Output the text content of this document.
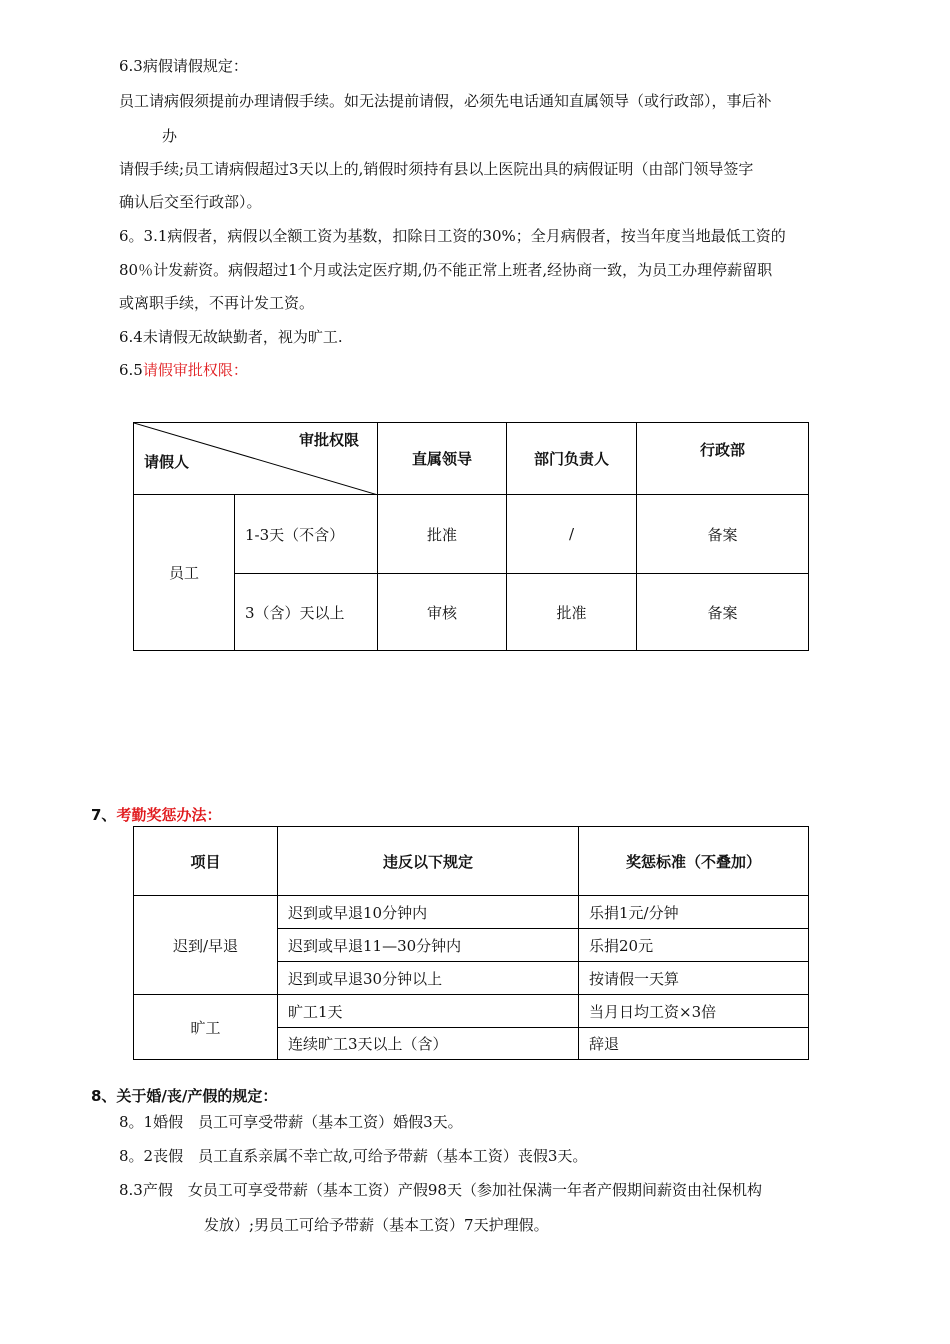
6.3病假请假规定：
员工请病假须提前办理请假手续。如无法提前请假，必须先电话通知直属领导（或行政部），事后补
办
请假手续;员工请病假超过3天以上的,销假时须持有县以上医院出具的病假证明（由部门领导签字
确认后交至行政部）。
6。3.1病假者，病假以全额工资为基数，扣除日工资的30%；全月病假者，按当年度当地最低工资的
80％计发薪资。病假超过1个月或法定医疗期,仍不能正常上班者,经协商一致，为员工办理停薪留职
或离职手续，不再计发工资。
6.4未请假无故缺勤者，视为旷工.
6.5请假审批权限：
审批权限
请假人		直属领导	部门负责人	行政部
员工	1-3天（不含）	批准	/	备案
	3（含）天以上	审核	批准	备案
7、考勤奖惩办法：
项目	违反以下规定	奖惩标准（不叠加）
迟到/早退	迟到或早退10分钟内	乐捐1元/分钟
	迟到或早退11—30分钟内	乐捐20元
	迟到或早退30分钟以上	按请假一天算
旷工	旷工1天	当月日均工资×3倍
	连续旷工3天以上（含）	辞退
8、关于婚/丧/产假的规定：
8。1婚假　员工可享受带薪（基本工资）婚假3天。
8。2丧假　员工直系亲属不幸亡故,可给予带薪（基本工资）丧假3天。
8.3产假　女员工可享受带薪（基本工资）产假98天（参加社保满一年者产假期间薪资由社保机构
发放）;男员工可给予带薪（基本工资）7天护理假。
